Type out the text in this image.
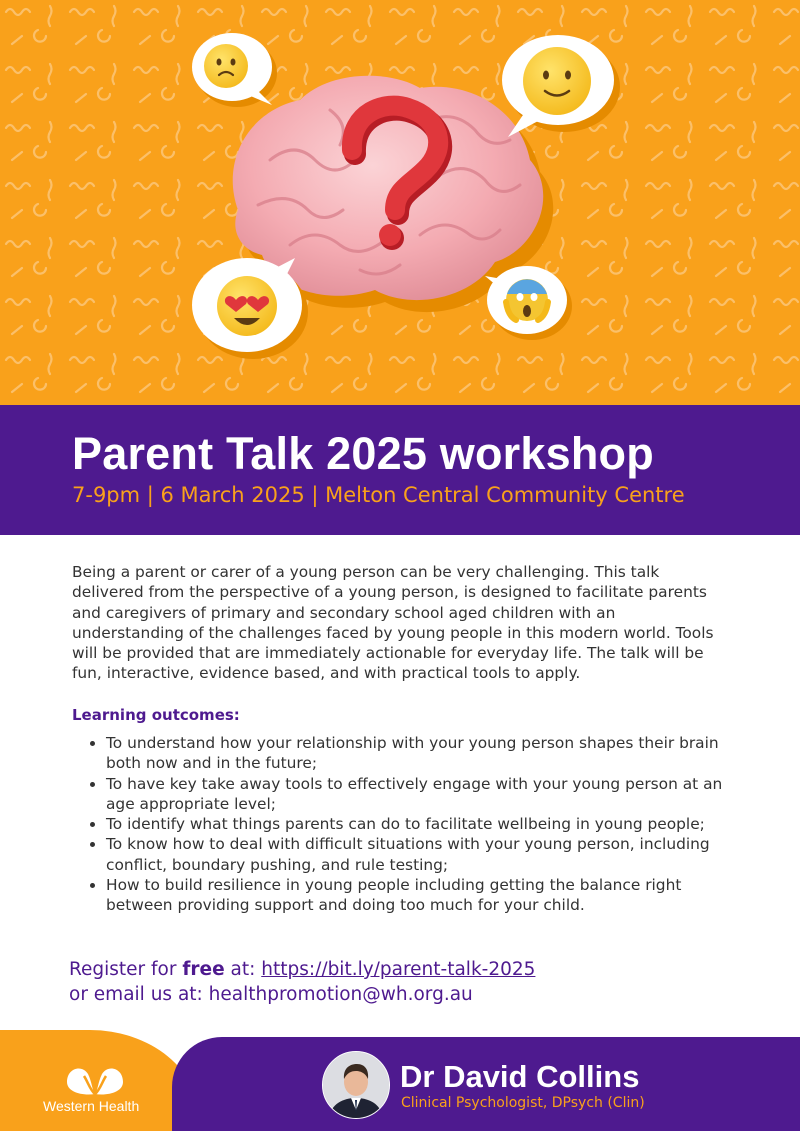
Parent Talk 2025 workshop
7-9pm | 6 March 2025 | Melton Central Community Centre

Being a parent or carer of a young person can be very challenging. This talk delivered from the perspective of a young person, is designed to facilitate parents and caregivers of primary and secondary school aged children with an understanding of the challenges faced by young people in this modern world. Tools will be provided that are immediately actionable for everyday life. The talk will be fun, interactive, evidence based, and with practical tools to apply.

Learning outcomes:
• To understand how your relationship with your young person shapes their brain both now and in the future;
• To have key take away tools to effectively engage with your young person at an age appropriate level;
• To identify what things parents can do to facilitate wellbeing in young people;
• To know how to deal with difficult situations with your young person, including conflict, boundary pushing, and rule testing;
• How to build resilience in young people including getting the balance right between providing support and doing too much for your child.
Register for free at: https://bit.ly/parent-talk-2025
or email us at: healthpromotion@wh.org.au
Western Health
Dr David Collins
Clinical Psychologist, DPsych (Clin)
